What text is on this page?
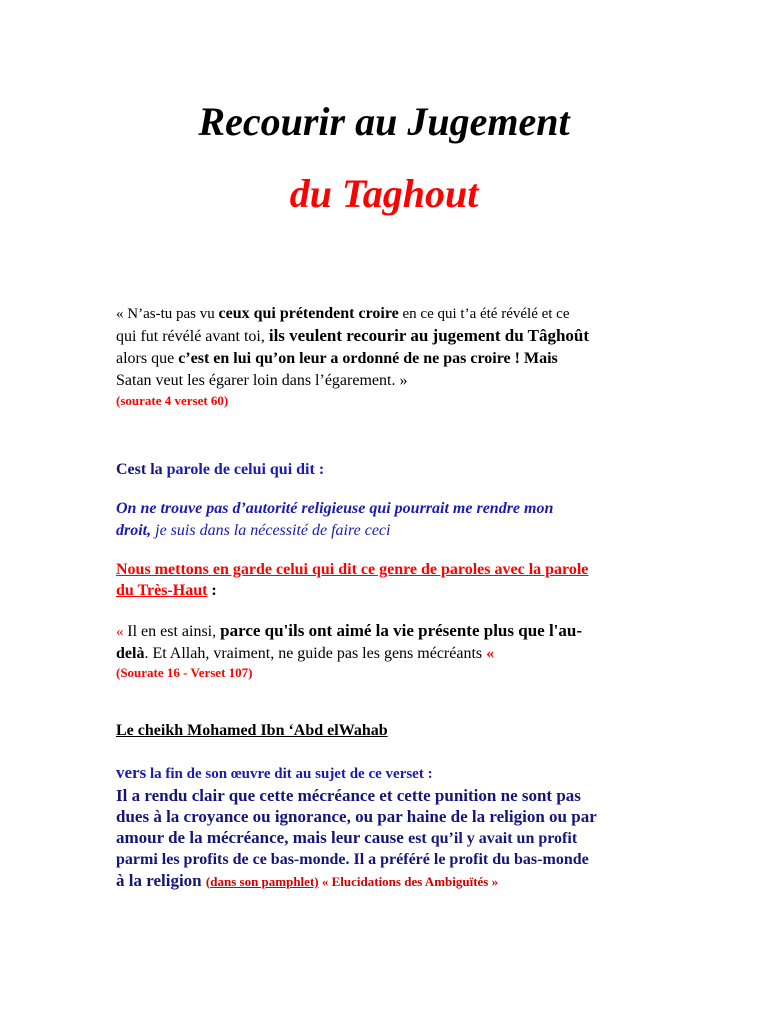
Recourir au Jugement
du Taghout
« N’as-tu pas vu ceux qui prétendent croire en ce qui t’a été révélé et ce
qui fut révélé avant toi, ils veulent recourir au jugement du Tâghoût
alors que c’est en lui qu’on leur a ordonné de ne pas croire ! Mais
Satan veut les égarer loin dans l’égarement. »
(sourate 4 verset 60)
Cest la parole de celui qui dit :
On ne trouve pas d’autorité religieuse qui pourrait me rendre mon
droit, je suis dans la nécessité de faire ceci
Nous mettons en garde celui qui dit ce genre de paroles avec la parole
du Très-Haut :
« Il en est ainsi, parce qu'ils ont aimé la vie présente plus que l'au-
delà. Et Allah, vraiment, ne guide pas les gens mécréants «
(Sourate 16 - Verset 107)
Le cheikh Mohamed Ibn ‘Abd elWahab
vers la fin de son œuvre dit au sujet de ce verset :
Il a rendu clair que cette mécréance et cette punition ne sont pas
dues à la croyance ou ignorance, ou par haine de la religion ou par
amour de la mécréance, mais leur cause est qu’il y avait un profit
parmi les profits de ce bas-monde. Il a préféré le profit du bas-monde
à la religion (dans son pamphlet) « Elucidations des Ambiguïtés »
